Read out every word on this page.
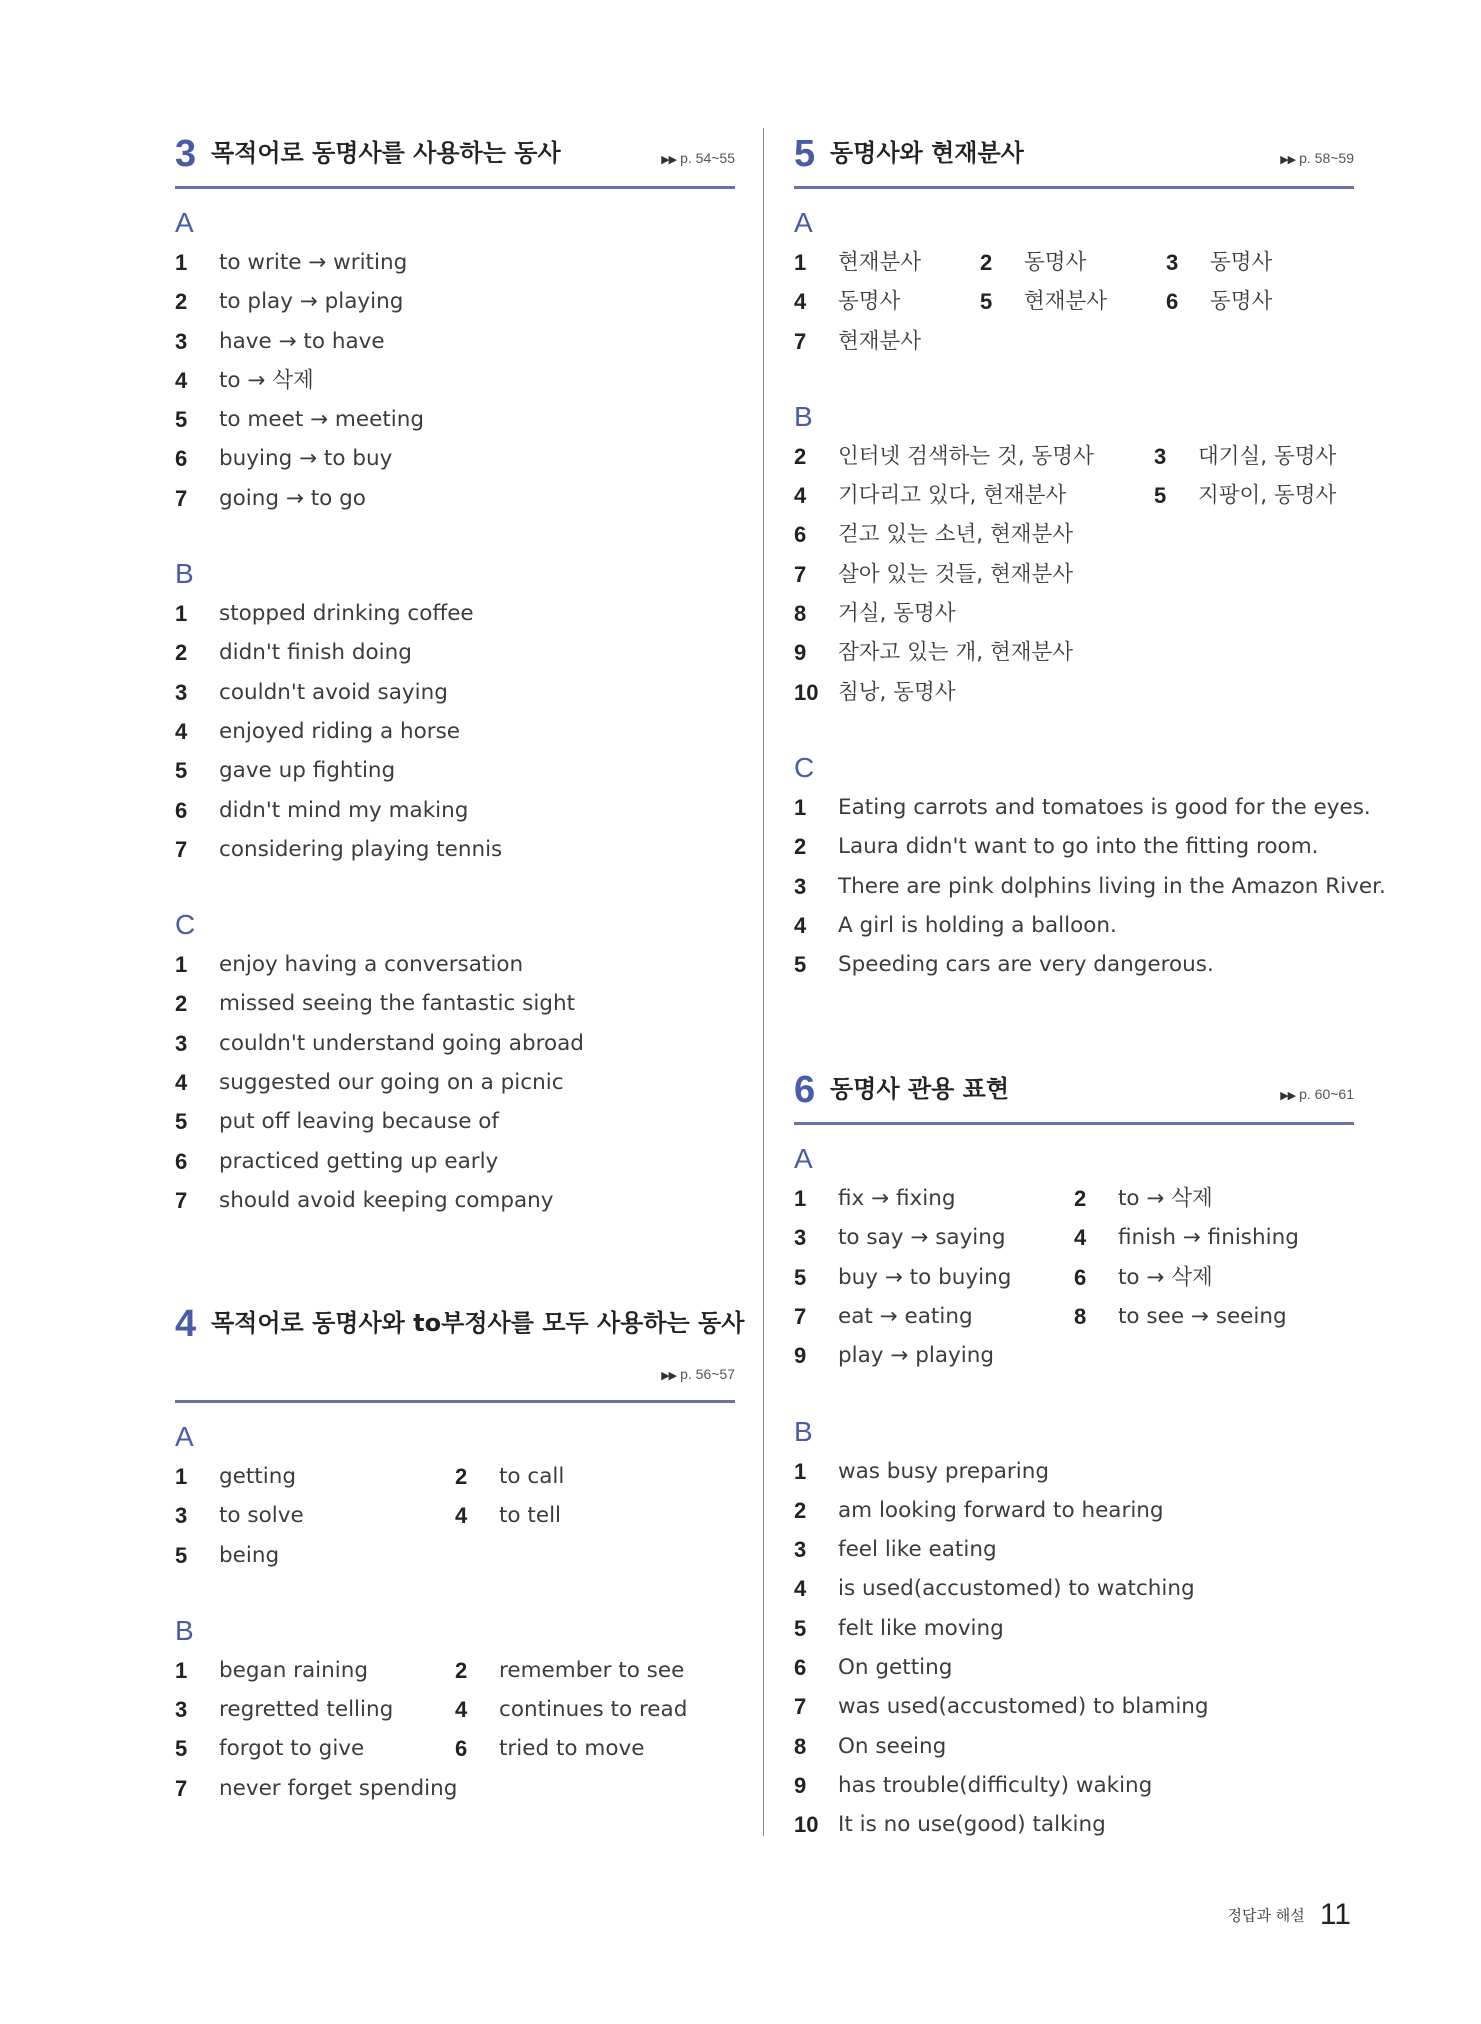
3 목적어로 동명사를 사용하는 동사	▶▶ p. 54~55
A
1 to write → writing
2 to play → playing
3 have → to have
4 to → 삭제
5 to meet → meeting
6 buying → to buy
7 going → to go
B
1 stopped drinking coffee
2 didn't finish doing
3 couldn't avoid saying
4 enjoyed riding a horse
5 gave up fighting
6 didn't mind my making
7 considering playing tennis
C
1 enjoy having a conversation
2 missed seeing the fantastic sight
3 couldn't understand going abroad
4 suggested our going on a picnic
5 put off leaving because of
6 practiced getting up early
7 should avoid keeping company
4 목적어로 동명사와 to부정사를 모두 사용하는 동사
▶▶ p. 56~57
A
1 getting	2 to call
3 to solve	4 to tell
5 being
B
1 began raining	2 remember to see
3 regretted telling	4 continues to read
5 forgot to give	6 tried to move
7 never forget spending
5 동명사와 현재분사	▶▶ p. 58~59
A
1 현재분사	2 동명사	3 동명사
4 동명사	5 현재분사	6 동명사
7 현재분사
B
2 인터넷 검색하는 것, 동명사	3 대기실, 동명사
4 기다리고 있다, 현재분사	5 지팡이, 동명사
6 걷고 있는 소년, 현재분사
7 살아 있는 것들, 현재분사
8 거실, 동명사
9 잠자고 있는 개, 현재분사
10 침낭, 동명사
C
1 Eating carrots and tomatoes is good for the eyes.
2 Laura didn't want to go into the fitting room.
3 There are pink dolphins living in the Amazon River.
4 A girl is holding a balloon.
5 Speeding cars are very dangerous.
6 동명사 관용 표현	▶▶ p. 60~61
A
1 fix → fixing	2 to → 삭제
3 to say → saying	4 finish → finishing
5 buy → to buying	6 to → 삭제
7 eat → eating	8 to see → seeing
9 play → playing
B
1 was busy preparing
2 am looking forward to hearing
3 feel like eating
4 is used(accustomed) to watching
5 felt like moving
6 On getting
7 was used(accustomed) to blaming
8 On seeing
9 has trouble(difficulty) waking
10 It is no use(good) talking
정답과 해설 11
